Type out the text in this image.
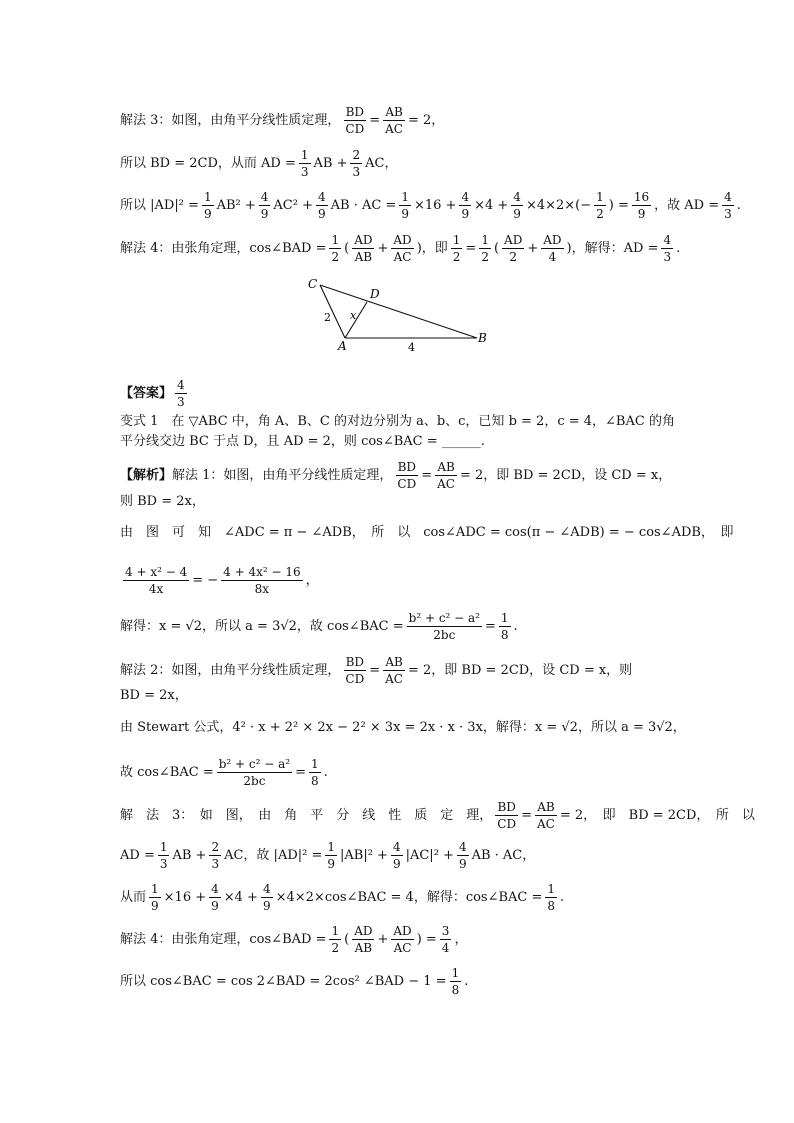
解法 3：如图，由角平分线性质定理， $\frac{BD}{CD} = \frac{AB}{AC} = 2$，
所以 BD = 2CD，从而 AD = $\frac{1}{3}$ AB + $\frac{2}{3}$ AC，
所以 $|AD|^2 = \frac{1}{9} AB^2 + \frac{4}{9} AC^2 + \frac{4}{9}$ AB · AC = $\frac{1}{9} \times 16 + \frac{4}{9} \times 4 + \frac{4}{9} \times 4\times 2\times(- \frac{1}{2}$ ) = $\frac{16}{9}$ ，故 AD = $\frac{4}{3}$ .
解法 4：由张角定理，cos∠BAD = $\frac{1}{2}$ ( $\frac{AD}{AB} + \frac{AD}{AC}$ )，即 $\frac{1}{2} = \frac{1}{2}$ ( $\frac{AD}{2} + \frac{AD}{4}$ )，解得：AD = $\frac{4}{3}$ .
【答案】 $\frac{4}{3}$
变式 1　在 ▽ABC 中，角 A、B、C 的对边分别为 a、b、c，已知 b = 2，c = 4，∠BAC 的角
平分线交边 BC 于点 D，且 AD = 2，则 cos∠BAC = ______.
【解析】 解法 1：如图，由角平分线性质定理， $\frac{BD}{CD} = \frac{AB}{AC} = 2$，即 BD = 2CD，设 CD = x，
则 BD = 2x，
由　图　可　知　∠ADC = π − ∠ADB，　所　以　cos∠ADC = cos(π − ∠ADB) = − cos∠ADB，　即
$\frac{\text{4 + x² − 4}}{4x}$ = − $\frac{\text{4 + 4x² − 16}}{8x}$ ，
解得：x = √2，所以 a = 3√2，故 cos∠BAC = $\frac{\text{b² + c² − a²}}{2bc} = \frac{1}{8}$ .
解法 2：如图，由角平分线性质定理， $\frac{BD}{CD} = \frac{AB}{AC} = 2$，即 BD = 2CD，设 CD = x，则
BD = 2x，
由 Stewart 公式，4² · x + 2² × 2x − 2² × 3x = 2x · x · 3x，解得：x = √2，所以 a = 3√2，
故 cos∠BAC = $\frac{\text{b² + c² − a²}}{2bc} = \frac{1}{8}$ .
解　法　3：　如　图，　由　角　平　分　线　性　质　定　理， $\frac{BD}{CD} = \frac{AB}{AC} = 2$，　即　BD = 2CD，　所　以
AD = $\frac{1}{3}$ AB + $\frac{2}{3}$ AC，故 $|AD|^2 = \frac{1}{9} |AB|^2 + \frac{4}{9} |AC|^2 + \frac{4}{9}$ AB · AC，
从而 $\frac{1}{9} \times 16 + \frac{4}{9} \times 4 + \frac{4}{9}$ ×4×2×cos∠BAC = 4，解得：cos∠BAC = $\frac{1}{8}$ .
解法 4：由张角定理，cos∠BAD = $\frac{1}{2}$ ( $\frac{AD}{AB} + \frac{AD}{AC}$ ) = $\frac{3}{4}$ ，
所以 cos∠BAC = cos 2∠BAD = 2cos² ∠BAD − $1 = \frac{1}{8}$ .
C
D
A
B
2 x
4
